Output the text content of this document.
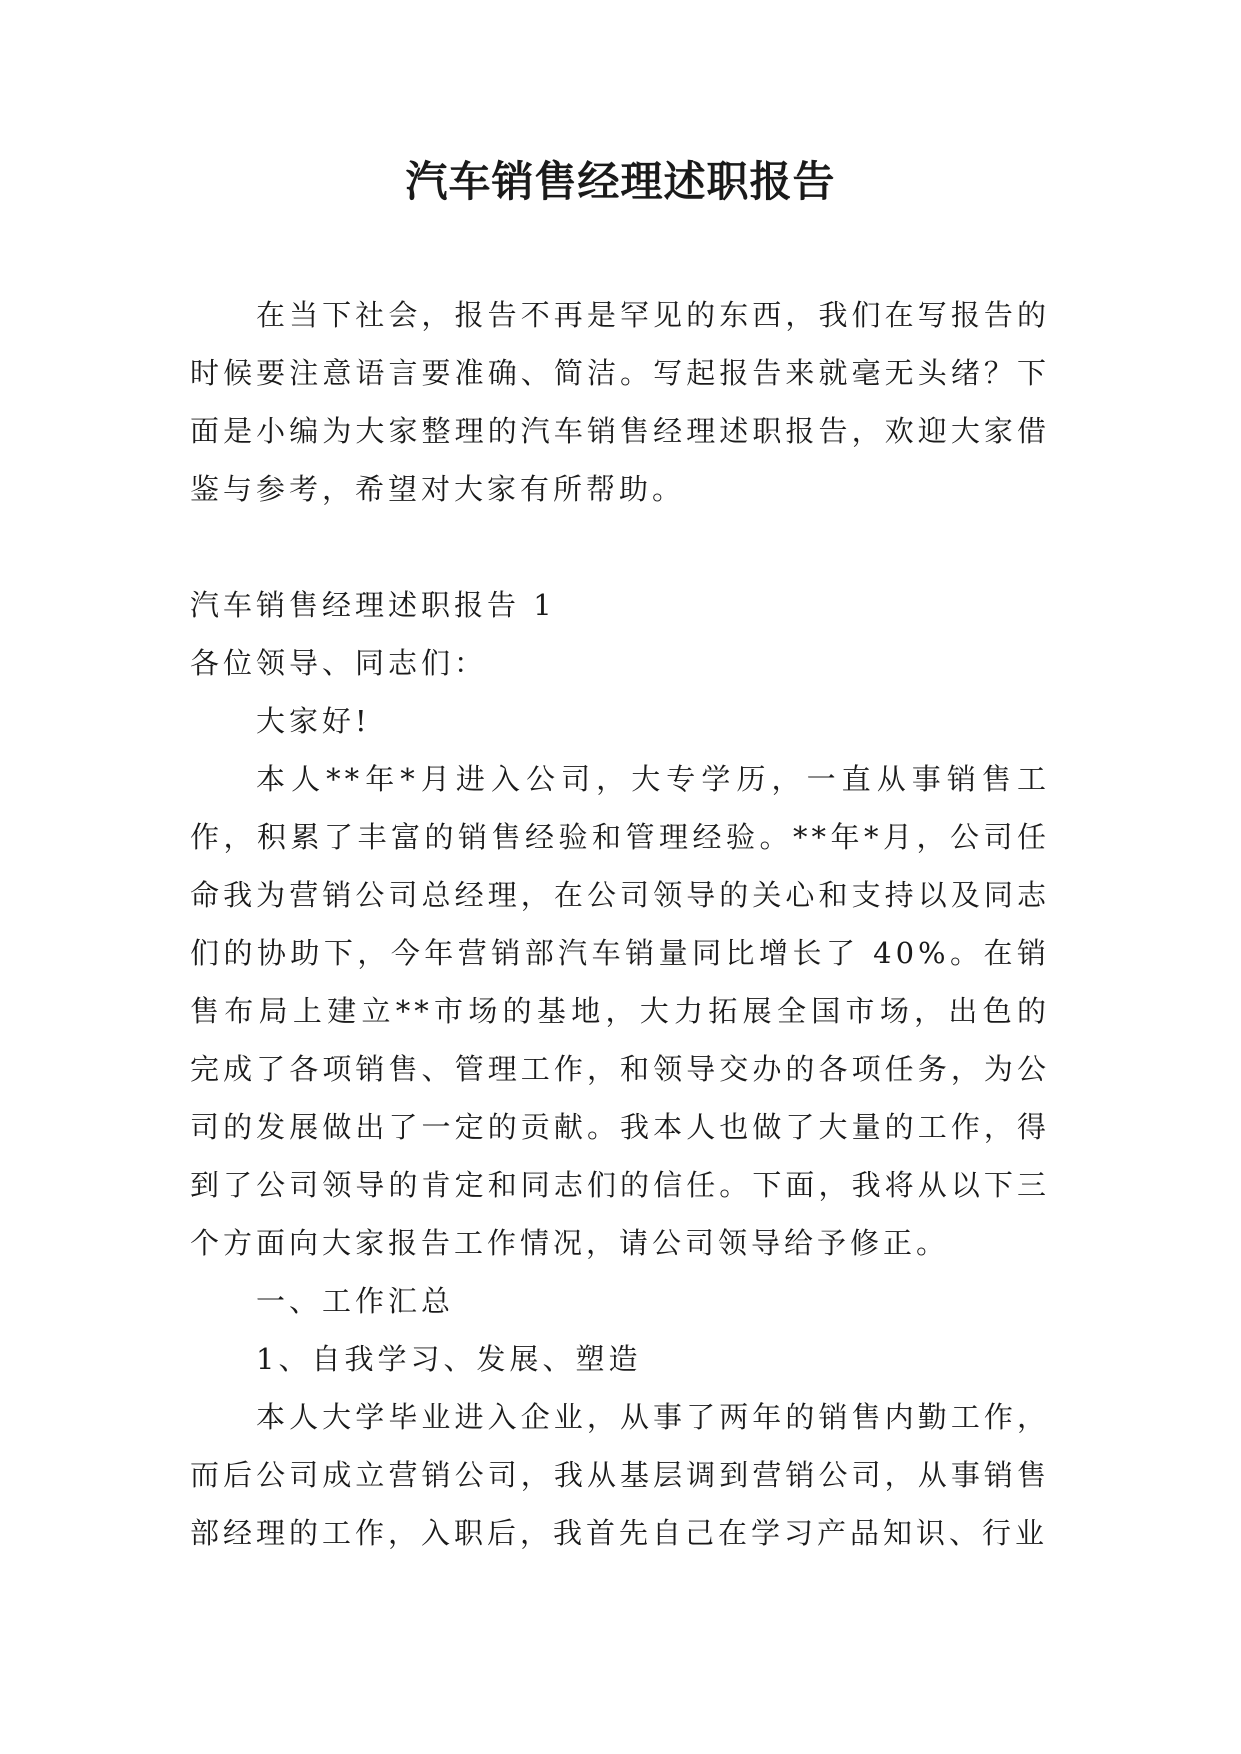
汽车销售经理述职报告

在当下社会，报告不再是罕见的东西，我们在写报告的时候要注意语言要准确、简洁。写起报告来就毫无头绪？下面是小编为大家整理的汽车销售经理述职报告，欢迎大家借鉴与参考，希望对大家有所帮助。

汽车销售经理述职报告 1

各位领导、同志们：

大家好!

本人**年*月进入公司，大专学历，一直从事销售工作，积累了丰富的销售经验和管理经验。**年*月，公司任命我为营销公司总经理，在公司领导的关心和支持以及同志们的协助下，今年营销部汽车销量同比增长了 40%。在销售布局上建立**市场的基地，大力拓展全国市场，出色的完成了各项销售、管理工作，和领导交办的各项任务，为公司的发展做出了一定的贡献。我本人也做了大量的工作，得到了公司领导的肯定和同志们的信任。下面，我将从以下三个方面向大家报告工作情况，请公司领导给予修正。

一、工作汇总

1、自我学习、发展、塑造

本人大学毕业进入企业，从事了两年的销售内勤工作，而后公司成立营销公司，我从基层调到营销公司，从事销售部经理的工作，入职后，我首先自己在学习产品知识、行业
